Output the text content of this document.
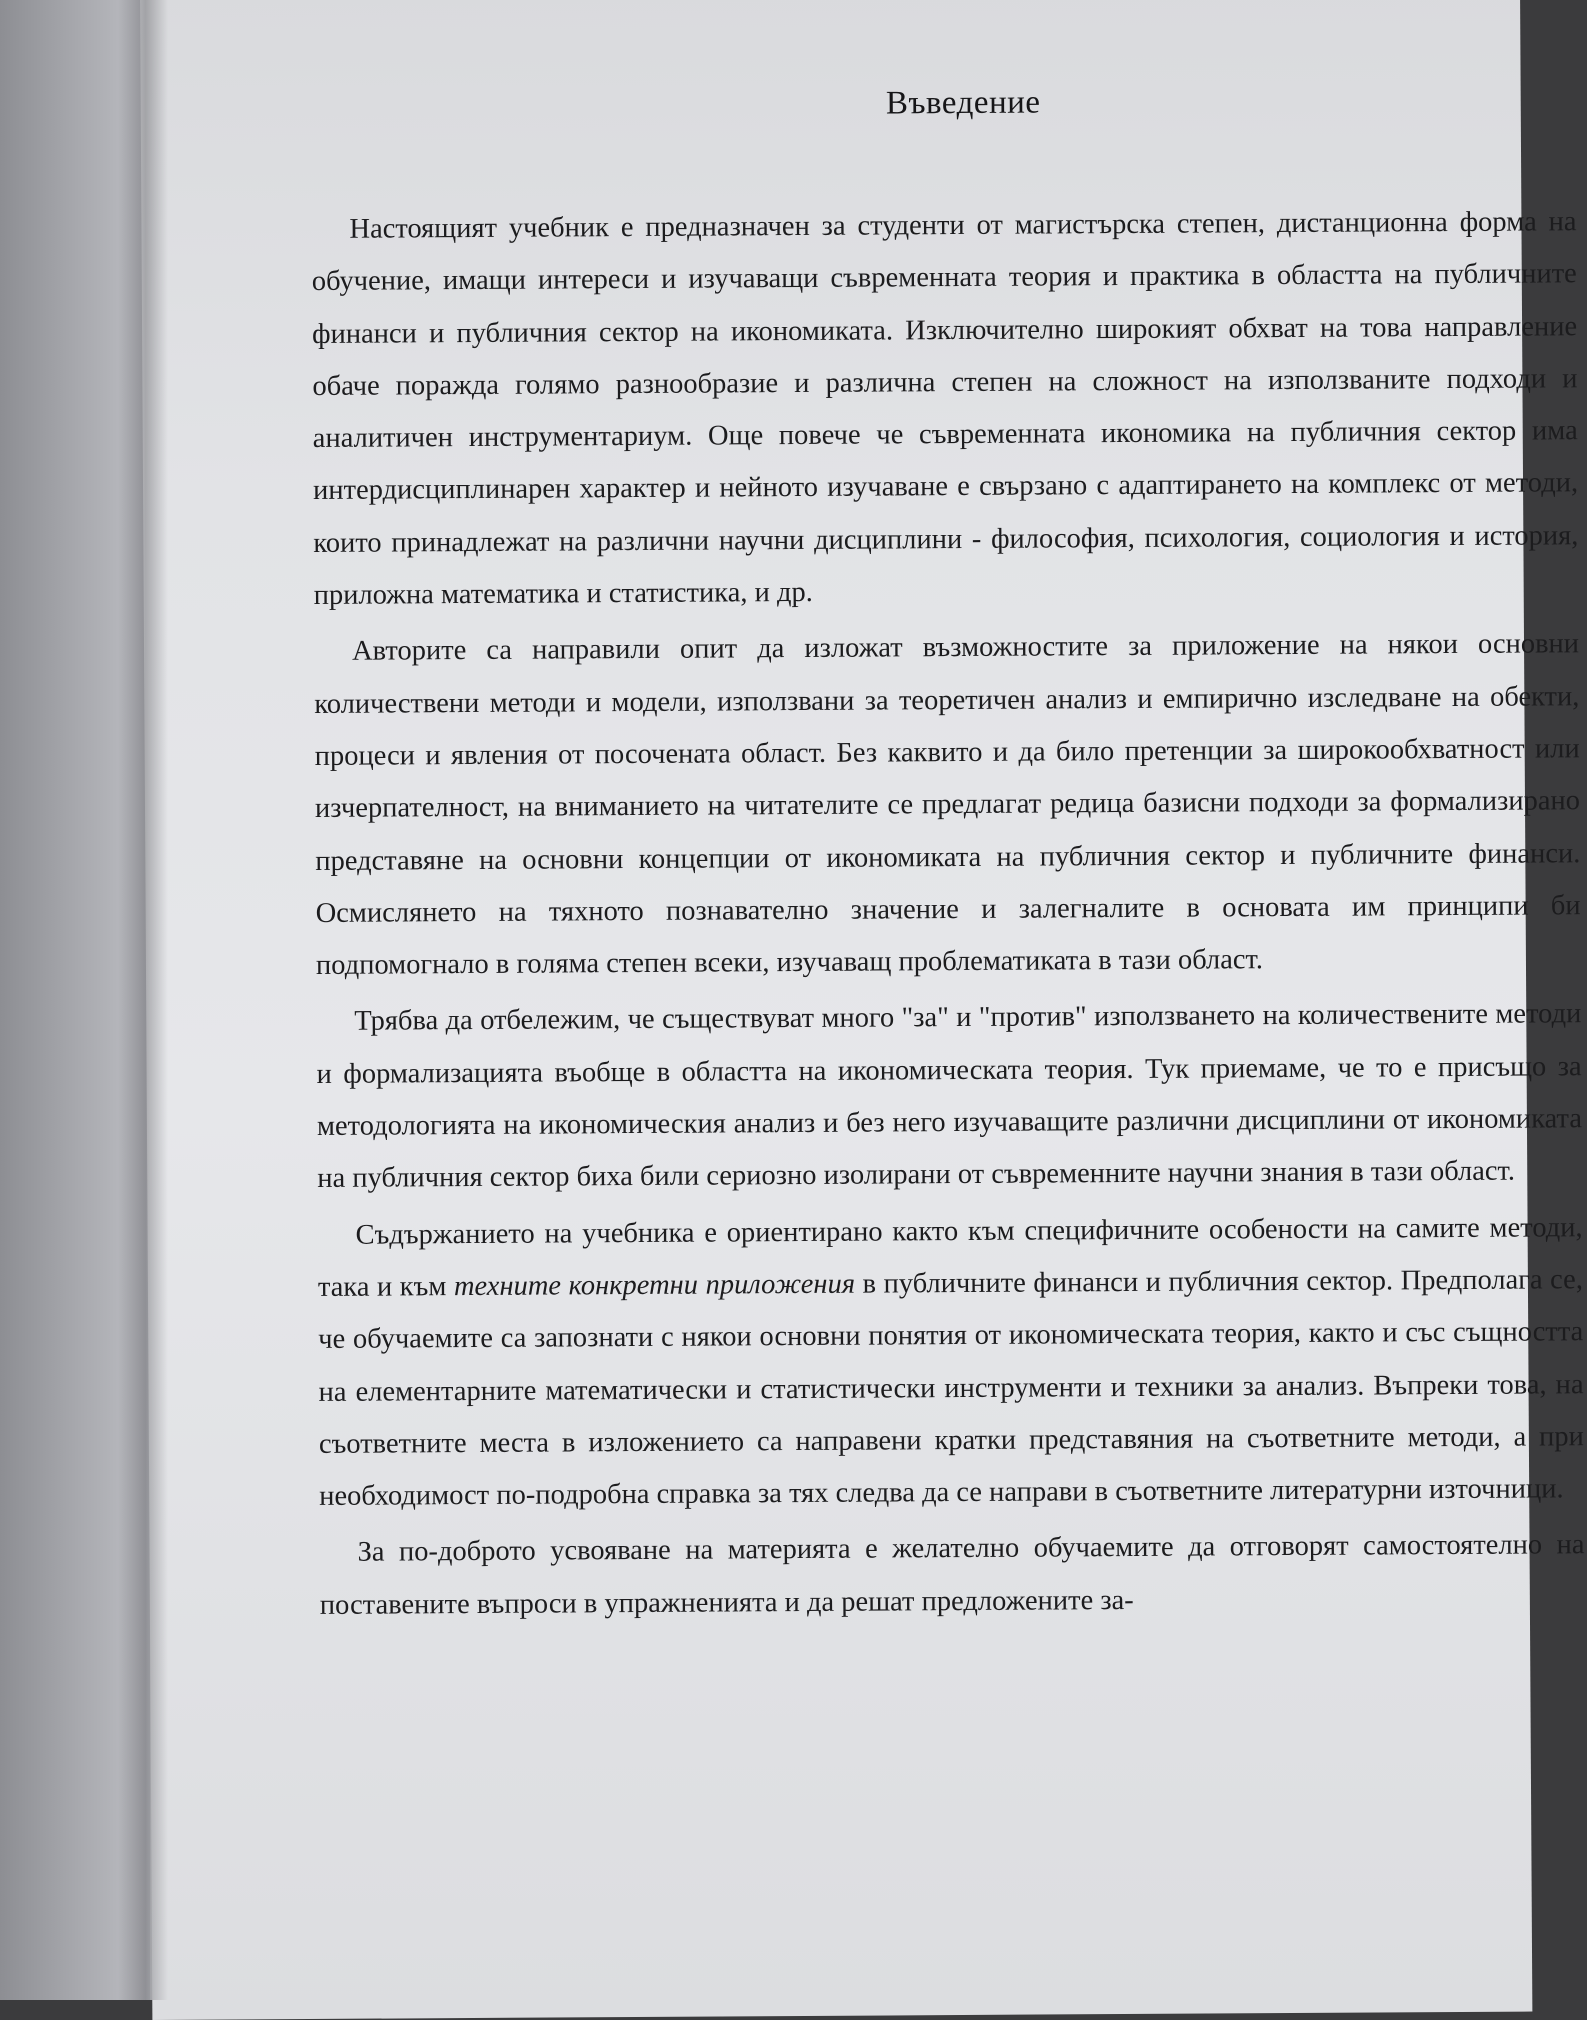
Въведение

Настоящият учебник е предназначен за студенти от магистърска степен, дистанционна форма на обучение, имащи интереси и изучаващи съвременната теория и практика в областта на публичните финанси и публичния сектор на икономиката. Изключително широкият обхват на това направление обаче поражда голямо разнообразие и различна степен на сложност на използваните подходи и аналитичен инструментариум. Още повече че съвременната икономика на публичния сектор има интердисциплинарен характер и нейното изучаване е свързано с адаптирането на комплекс от методи, които принадлежат на различни научни дисциплини - философия, психология, социология и история, приложна математика и статистика, и др.

Авторите са направили опит да изложат възможностите за приложение на някои основни количествени методи и модели, използвани за теоретичен анализ и емпирично изследване на обекти, процеси и явления от посочената област. Без каквито и да било претенции за широкообхватност или изчерпателност, на вниманието на читателите се предлагат редица базисни подходи за формализирано представяне на основни концепции от икономиката на публичния сектор и публичните финанси. Осмислянето на тяхното познавателно значение и залегналите в основата им принципи би подпомогнало в голяма степен всеки, изучаващ проблематиката в тази област.

Трябва да отбележим, че съществуват много "за" и "против" използването на количествените методи и формализацията въобще в областта на икономическата теория. Тук приемаме, че то е присъщо за методологията на икономическия анализ и без него изучаващите различни дисциплини от икономиката на публичния сектор биха били сериозно изолирани от съвременните научни знания в тази област.

Съдържанието на учебника е ориентирано както към специфичните особености на самите методи, така и към техните конкретни приложения в публичните финанси и публичния сектор. Предполага се, че обучаемите са запознати с някои основни понятия от икономическата теория, както и със същността на елементарните математически и статистически инструменти и техники за анализ. Въпреки това, на съответните места в изложението са направени кратки представяния на съответните методи, а при необходимост по-подробна справка за тях следва да се направи в съответните литературни източници.

За по-доброто усвояване на материята е желателно обучаемите да отговорят самостоятелно на поставените въпроси в упражненията и да решат предложените за-
